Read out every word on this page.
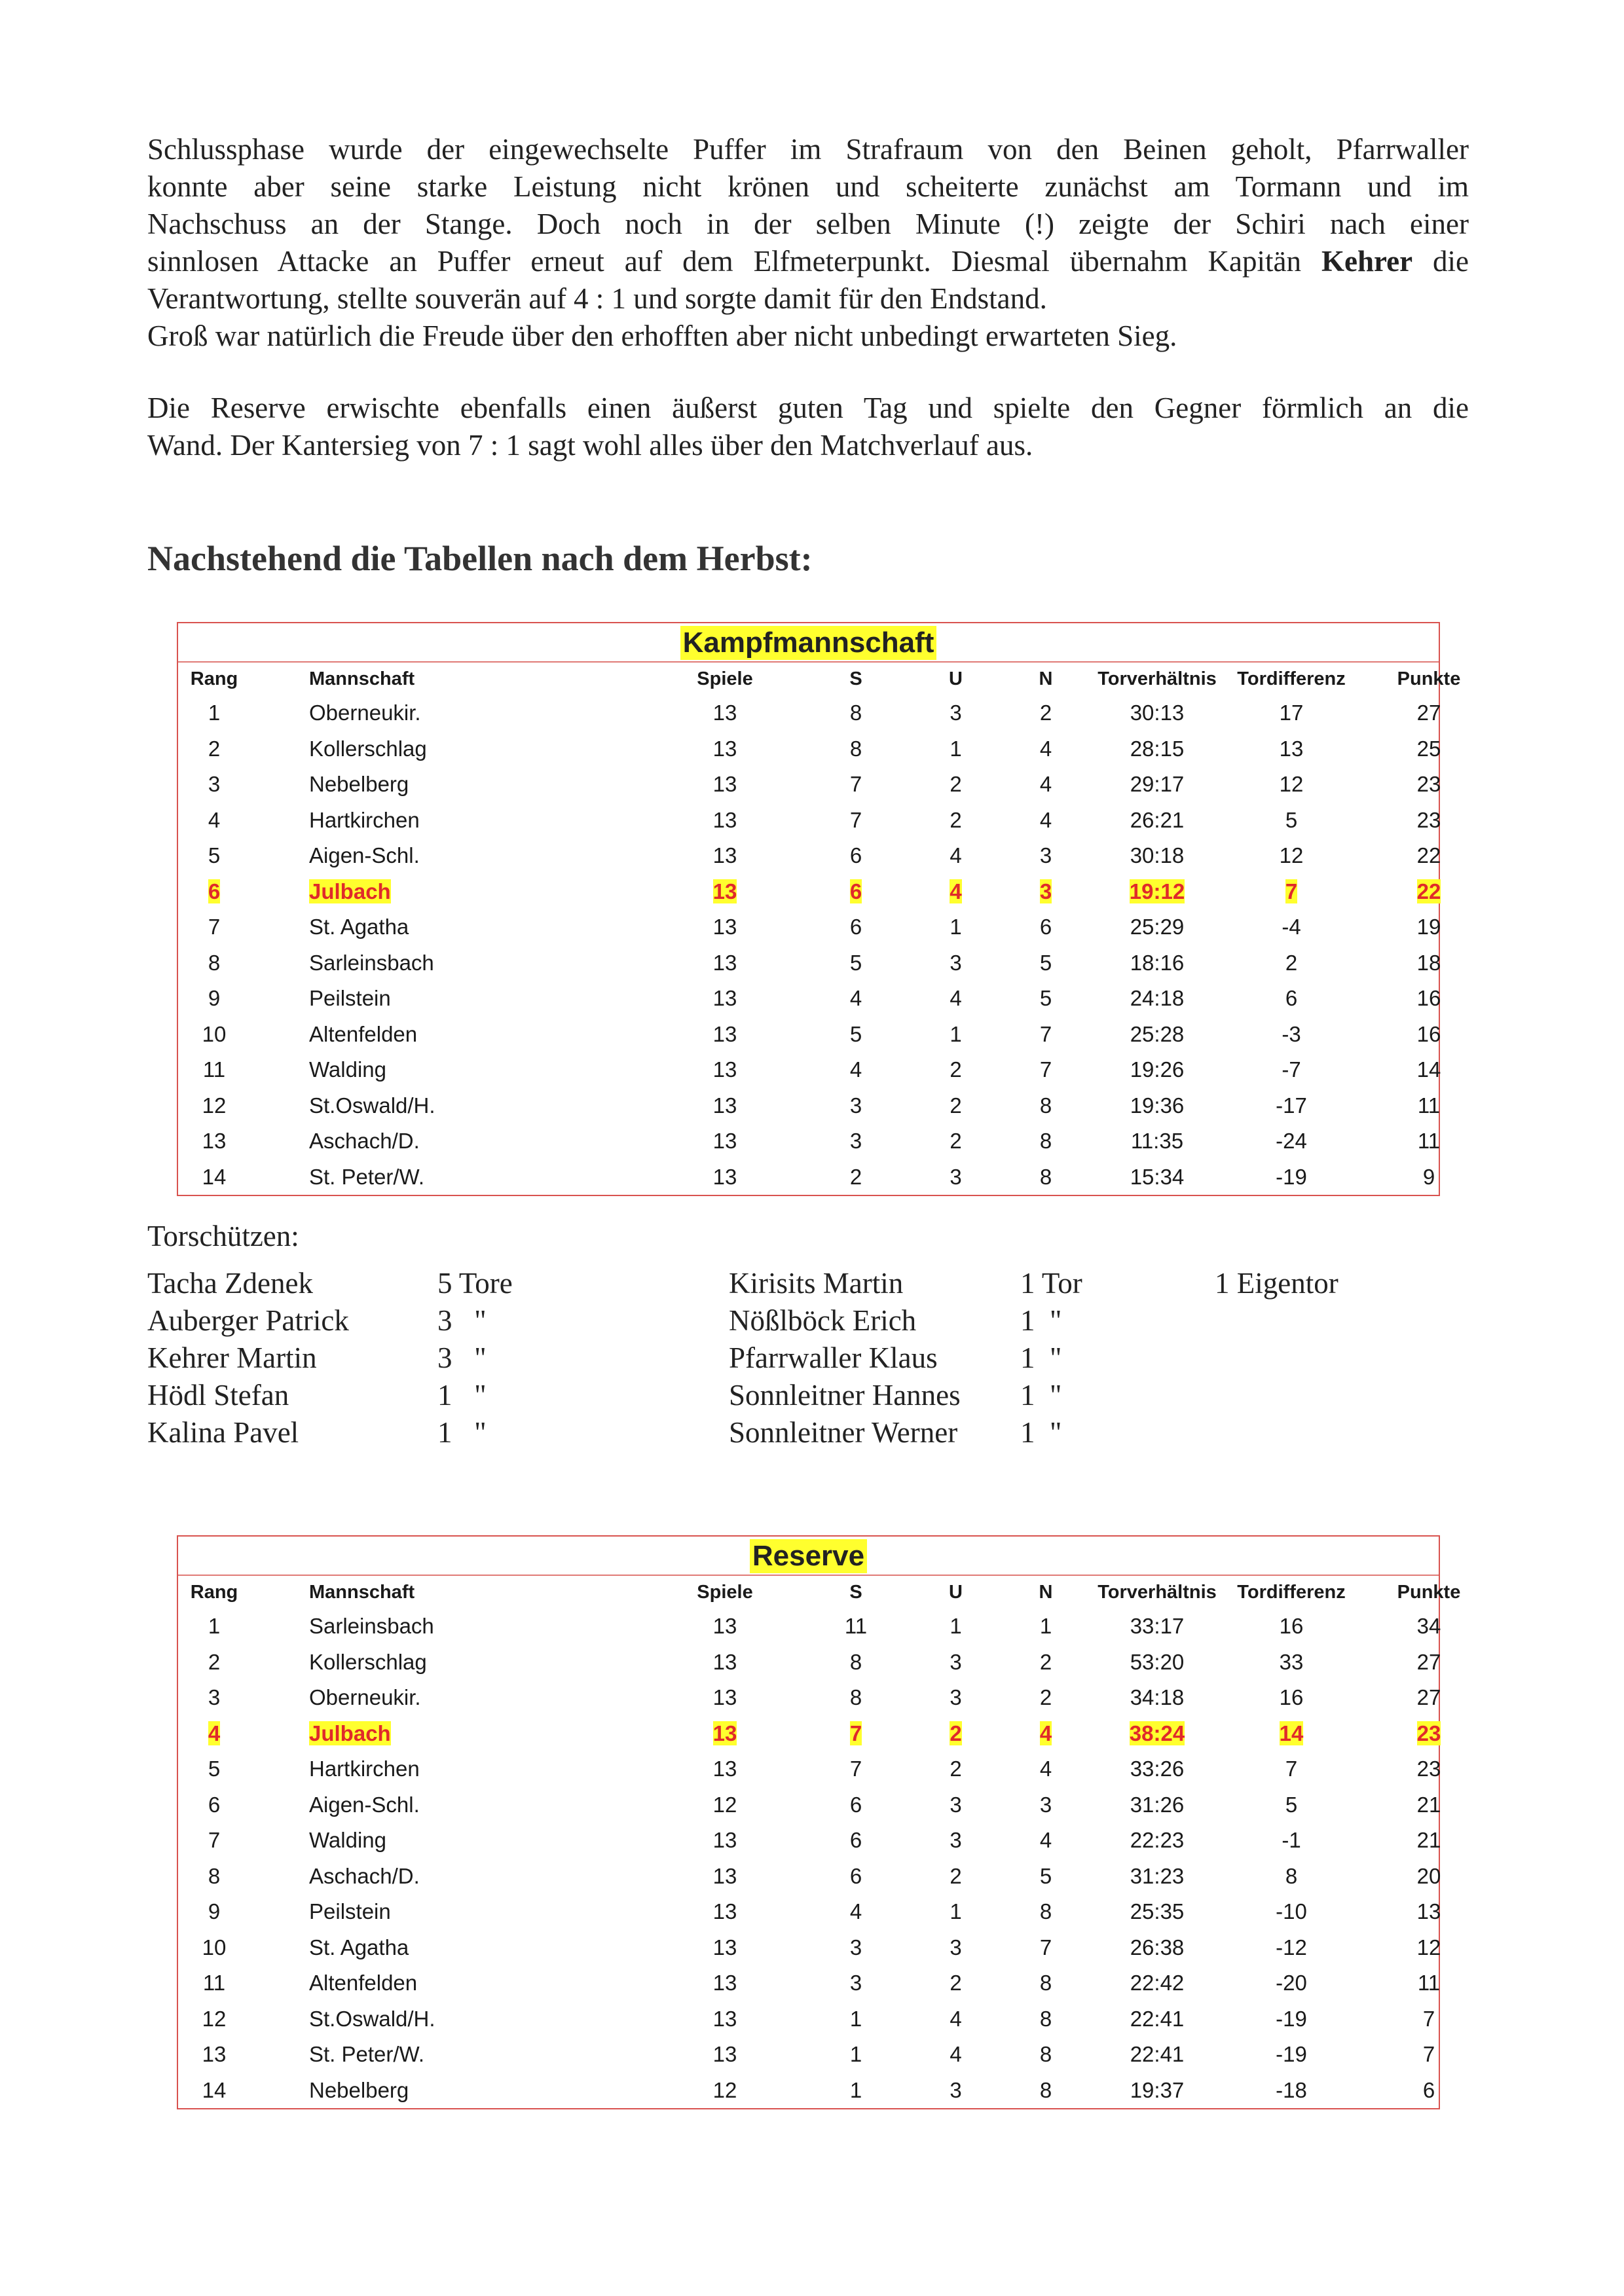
Schlussphase wurde der eingewechselte Puffer im Strafraum von den Beinen geholt, Pfarrwaller
konnte aber seine starke Leistung nicht krönen und scheiterte zunächst am Tormann und im
Nachschuss an der Stange. Doch noch in der selben Minute (!) zeigte der Schiri nach einer
sinnlosen Attacke an Puffer erneut auf dem Elfmeterpunkt. Diesmal übernahm Kapitän Kehrer die
Verantwortung, stellte souverän auf 4 : 1 und sorgte damit für den Endstand.
Groß war natürlich die Freude über den erhofften aber nicht unbedingt erwarteten Sieg.
Die Reserve erwischte ebenfalls einen äußerst guten Tag und spielte den Gegner förmlich an die
Wand. Der Kantersieg von 7 : 1 sagt wohl alles über den Matchverlauf aus.
Nachstehend die Tabellen nach dem Herbst:
Kampfmannschaft
Rang	Mannschaft	Spiele	S	U	N	Torverhältnis	Tordifferenz	Punkte
1	Oberneukir.	13	8	3	2	30:13	17	27
2	Kollerschlag	13	8	1	4	28:15	13	25
3	Nebelberg	13	7	2	4	29:17	12	23
4	Hartkirchen	13	7	2	4	26:21	5	23
5	Aigen-Schl.	13	6	4	3	30:18	12	22
6	Julbach	13	6	4	3	19:12	7	22
7	St. Agatha	13	6	1	6	25:29	-4	19
8	Sarleinsbach	13	5	3	5	18:16	2	18
9	Peilstein	13	4	4	5	24:18	6	16
10	Altenfelden	13	5	1	7	25:28	-3	16
11	Walding	13	4	2	7	19:26	-7	14
12	St.Oswald/H.	13	3	2	8	19:36	-17	11
13	Aschach/D.	13	3	2	8	11:35	-24	11
14	St. Peter/W.	13	2	3	8	15:34	-19	9
Torschützen:
Tacha Zdenek	5 Tore	Kirisits Martin	1 Tor	1 Eigentor
Auberger Patrick	3   "	Nößlböck Erich	1  "
Kehrer Martin	3   "	Pfarrwaller Klaus	1  "
Hödl Stefan	1   "	Sonnleitner Hannes 1  "
Kalina Pavel	1   "	Sonnleitner Werner 1  "
Reserve
Rang	Mannschaft	Spiele	S	U	N	Torverhältnis	Tordifferenz	Punkte
1	Sarleinsbach	13	11	1	1	33:17	16	34
2	Kollerschlag	13	8	3	2	53:20	33	27
3	Oberneukir.	13	8	3	2	34:18	16	27
4	Julbach	13	7	2	4	38:24	14	23
5	Hartkirchen	13	7	2	4	33:26	7	23
6	Aigen-Schl.	12	6	3	3	31:26	5	21
7	Walding	13	6	3	4	22:23	-1	21
8	Aschach/D.	13	6	2	5	31:23	8	20
9	Peilstein	13	4	1	8	25:35	-10	13
10	St. Agatha	13	3	3	7	26:38	-12	12
11	Altenfelden	13	3	2	8	22:42	-20	11
12	St.Oswald/H.	13	1	4	8	22:41	-19	7
13	St. Peter/W.	13	1	4	8	22:41	-19	7
14	Nebelberg	12	1	3	8	19:37	-18	6
